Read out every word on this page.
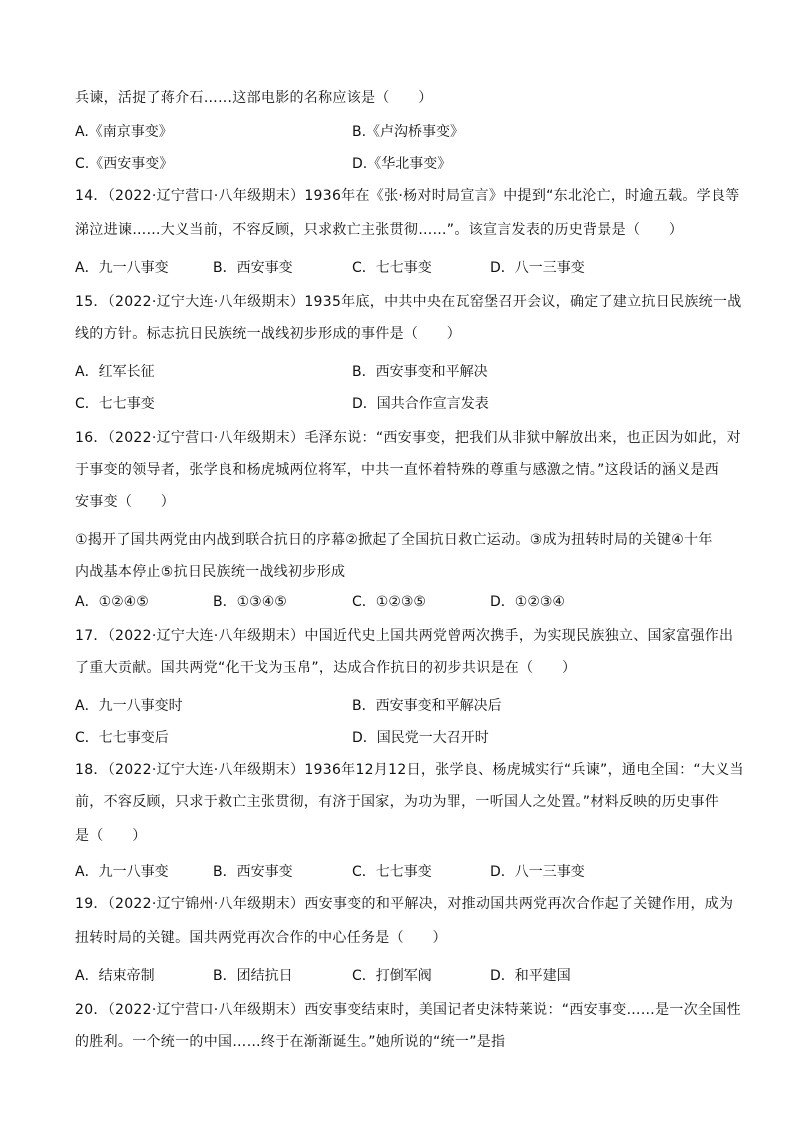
兵谏，活捉了蒋介石……这部电影的名称应该是（　　）
A.《南京事变》	B.《卢沟桥事变》
C.《西安事变》	D.《华北事变》
14．（2022·辽宁营口·八年级期末）1936年在《张·杨对时局宣言》中提到“东北沦亡，时逾五载。学良等
涕泣进谏……大义当前，不容反顾，只求救亡主张贯彻……”。该宣言发表的历史背景是（　　）
A．九一八事变	B．西安事变	C．七七事变	D．八一三事变
15．（2022·辽宁大连·八年级期末）1935年底，中共中央在瓦窑堡召开会议，确定了建立抗日民族统一战
线的方针。标志抗日民族统一战线初步形成的事件是（　　）
A．红军长征	B．西安事变和平解决
C．七七事变	D．国共合作宣言发表
16．（2022·辽宁营口·八年级期末）毛泽东说：“西安事变，把我们从非狱中解放出来，也正因为如此，对
于事变的领导者，张学良和杨虎城两位将军，中共一直怀着特殊的尊重与感激之情。”这段话的涵义是西
安事变（　　）
①揭开了国共两党由内战到联合抗日的序幕②掀起了全国抗日救亡运动。③成为扭转时局的关键④十年
内战基本停止⑤抗日民族统一战线初步形成
A．①②④⑤	B．①③④⑤	C．①②③⑤	D．①②③④
17．（2022·辽宁大连·八年级期末）中国近代史上国共两党曾两次携手，为实现民族独立、国家富强作出
了重大贡献。国共两党“化干戈为玉帛”，达成合作抗日的初步共识是在（　　）
A．九一八事变时	B．西安事变和平解决后
C．七七事变后	D．国民党一大召开时
18．（2022·辽宁大连·八年级期末）1936年12月12日，张学良、杨虎城实行“兵谏”，通电全国：“大义当
前，不容反顾，只求于救亡主张贯彻，有济于国家，为功为罪，一听国人之处置。”材料反映的历史事件
是（　　）
A．九一八事变	B．西安事变	C．七七事变	D．八一三事变
19．（2022·辽宁锦州·八年级期末）西安事变的和平解决，对推动国共两党再次合作起了关键作用，成为
扭转时局的关键。国共两党再次合作的中心任务是（　　）
A．结束帝制	B．团结抗日	C．打倒军阀	D．和平建国
20．（2022·辽宁营口·八年级期末）西安事变结束时，美国记者史沫特莱说：“西安事变……是一次全国性
的胜利。一个统一的中国……终于在渐渐诞生。”她所说的“统一”是指
